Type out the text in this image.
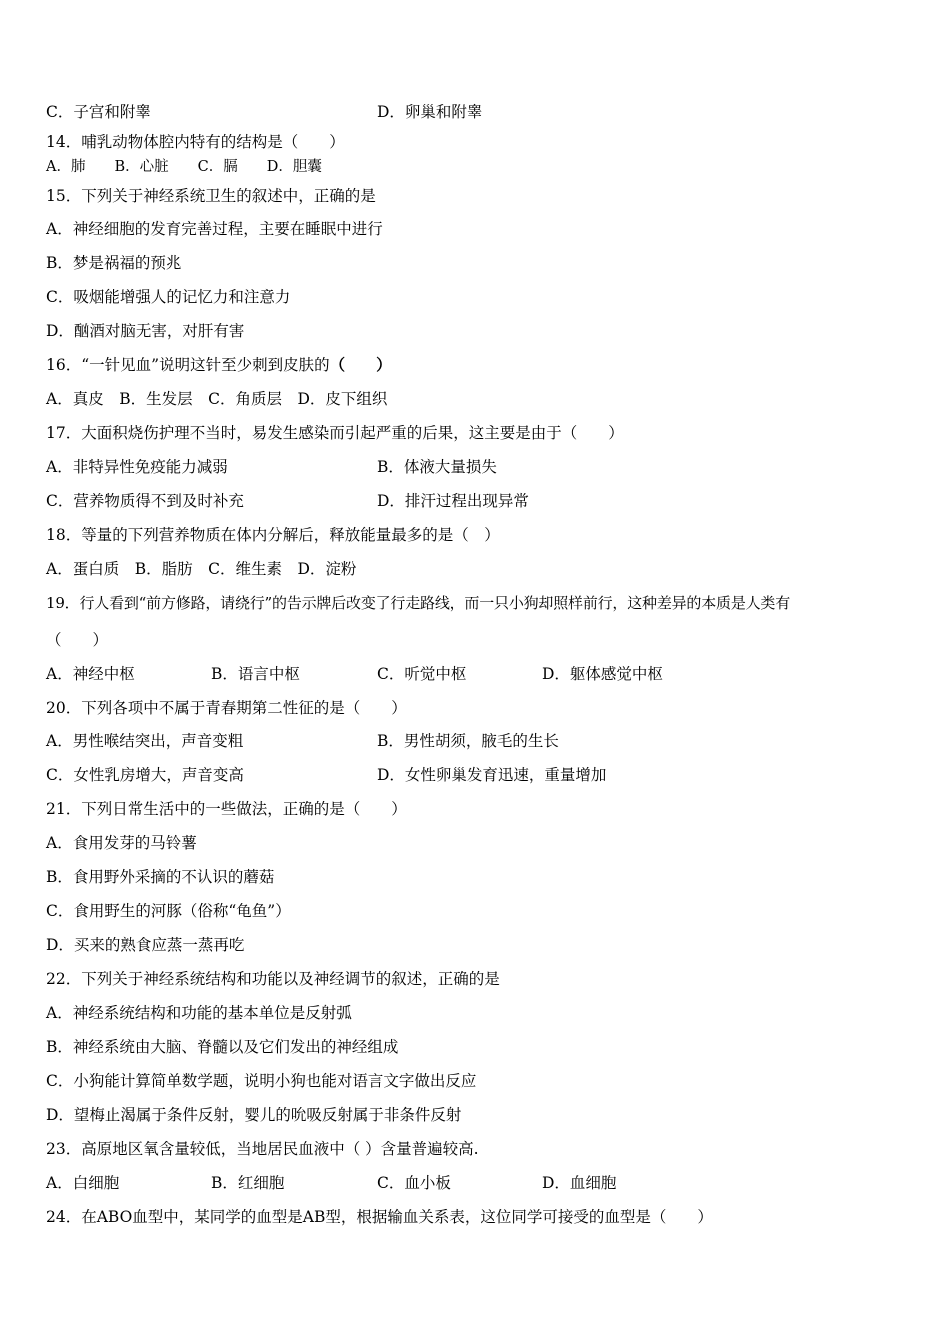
C．子宫和附睾	D．卵巢和附睾
14．哺乳动物体腔内特有的结构是（　　）
A．肺　　B．心脏　　C．膈　　D．胆囊
15．下列关于神经系统卫生的叙述中，正确的是
A．神经细胞的发育完善过程，主要在睡眠中进行
B．梦是祸福的预兆
C．吸烟能增强人的记忆力和注意力
D．酗酒对脑无害，对肝有害
16．“一针见血”说明这针至少刺到皮肤的（　　）
A．真皮　B．生发层　C．角质层　D．皮下组织
17．大面积烧伤护理不当时，易发生感染而引起严重的后果，这主要是由于（　　）
A．非特异性免疫能力减弱	B．体液大量损失
C．营养物质得不到及时补充	D．排汗过程出现异常
18．等量的下列营养物质在体内分解后，释放能量最多的是（　）
A．蛋白质　B．脂肪　C．维生素　D．淀粉
19．行人看到“前方修路，请绕行”的告示牌后改变了行走路线，而一只小狗却照样前行，这种差异的本质是人类有
（　　）
A．神经中枢	B．语言中枢	C．听觉中枢	D．躯体感觉中枢
20．下列各项中不属于青春期第二性征的是（　　）
A．男性喉结突出，声音变粗	B．男性胡须，腋毛的生长
C．女性乳房增大，声音变高	D．女性卵巢发育迅速，重量增加
21．下列日常生活中的一些做法，正确的是（　　）
A．食用发芽的马铃薯
B．食用野外采摘的不认识的蘑菇
C．食用野生的河豚（俗称“龟鱼”）
D．买来的熟食应蒸一蒸再吃
22．下列关于神经系统结构和功能以及神经调节的叙述，正确的是
A．神经系统结构和功能的基本单位是反射弧
B．神经系统由大脑、脊髓以及它们发出的神经组成
C．小狗能计算简单数学题，说明小狗也能对语言文字做出反应
D．望梅止渴属于条件反射，婴儿的吮吸反射属于非条件反射
23．高原地区氧含量较低，当地居民血液中（ ）含量普遍较高.
A．白细胞	B．红细胞	C．血小板	D．血细胞
24．在ABO血型中，某同学的血型是AB型，根据输血关系表，这位同学可接受的血型是（　　）
